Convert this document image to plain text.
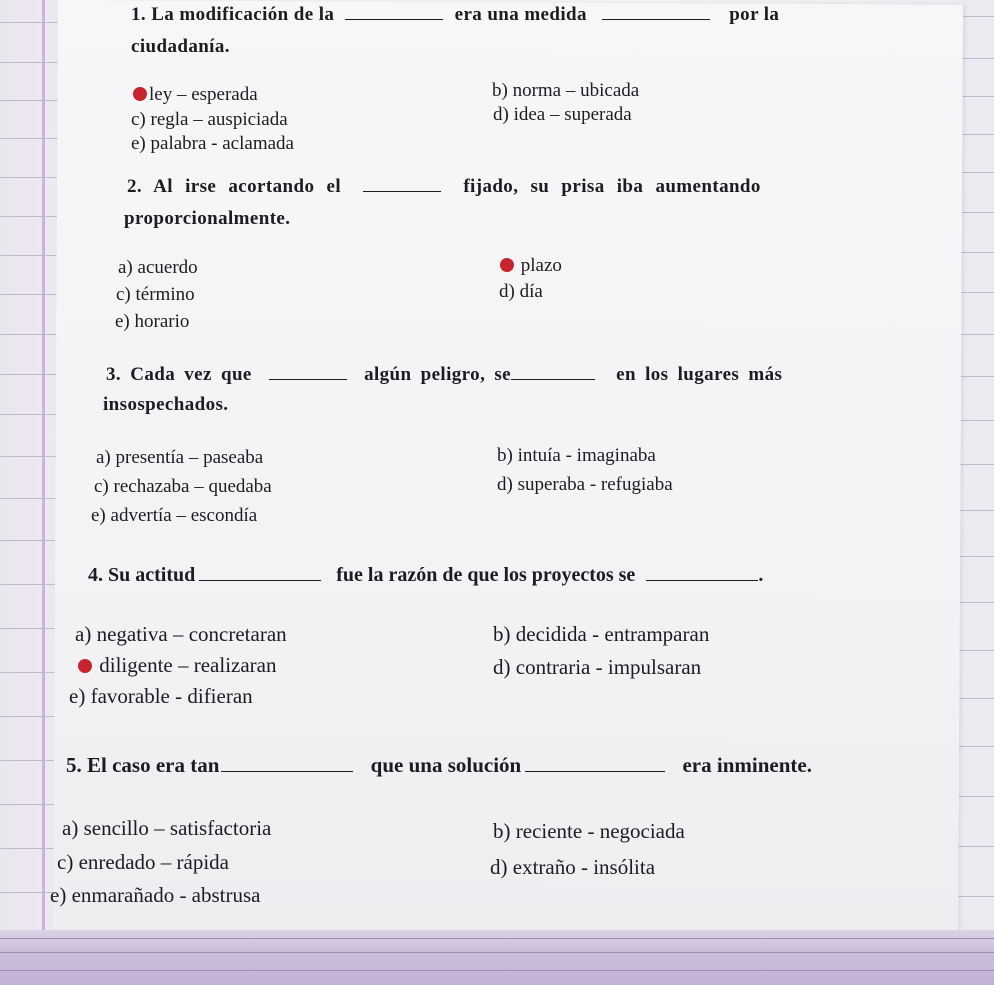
1. La modificación de la	era una medida	por la
ciudadanía.
ley – esperada	b) norma – ubicada
c) regla – auspiciada	d) idea – superada
e) palabra - aclamada
2. Al irse acortando el	fijado, su prisa iba aumentando
proporcionalmente.
a) acuerdo	plazo
c) término	d) día
e) horario
3. Cada vez que	algún peligro, se	en los lugares más
insospechados.
a) presentía – paseaba	b) intuía - imaginaba
c) rechazaba – quedaba	d) superaba - refugiaba
e) advertía – escondía
4. Su actitud	fue la razón de que los proyectos se	.
a) negativa – concretaran	b) decidida - entramparan
diligente – realizaran	d) contraria - impulsaran
e) favorable - difieran
5. El caso era tan	que una solución	era inminente.
a) sencillo – satisfactoria	b) reciente - negociada
c) enredado – rápida	d) extraño - insólita
e) enmarañado - abstrusa
